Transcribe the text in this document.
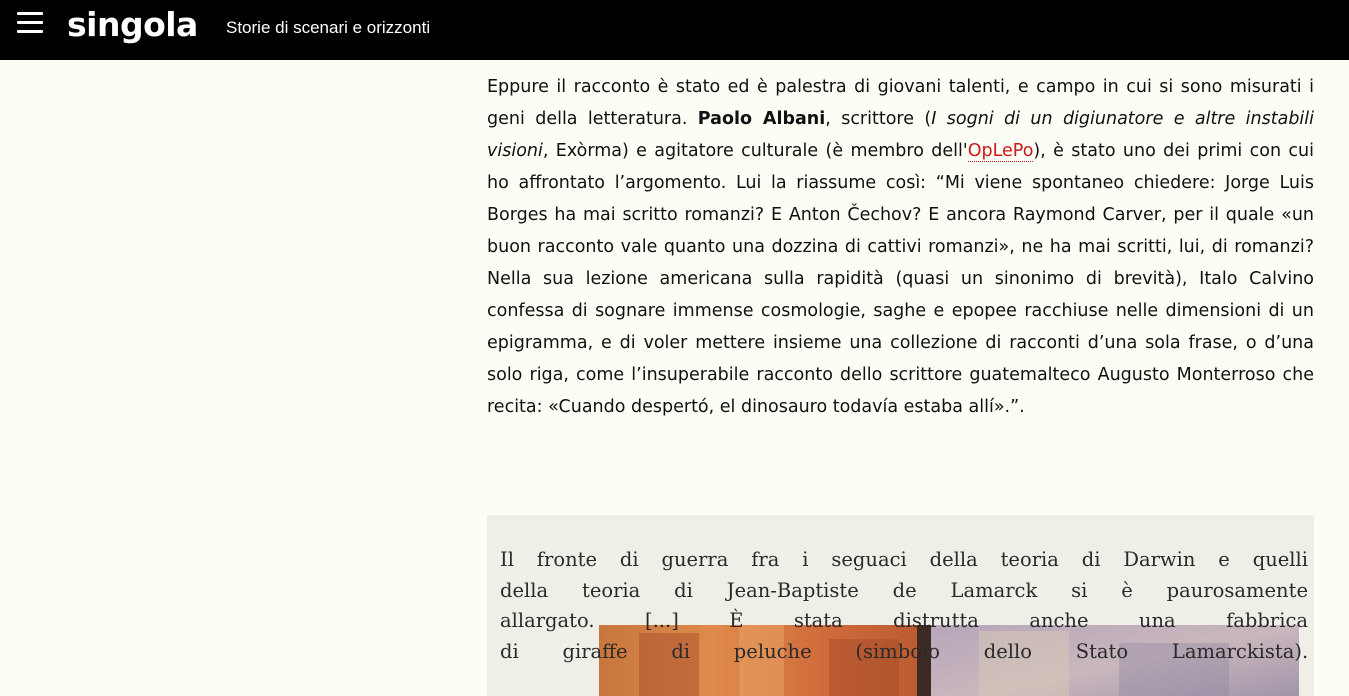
singola Storie di scenari e orizzonti

Eppure il racconto è stato ed è palestra di giovani talenti, e campo in cui si sono misurati i geni della letteratura. Paolo Albani, scrittore (I sogni di un digiunatore e altre instabili visioni, Exòrma) e agitatore culturale (è membro dell'OpLePo), è stato uno dei primi con cui ho affrontato l’argomento. Lui la riassume così: “Mi viene spontaneo chiedere: Jorge Luis Borges ha mai scritto romanzi? E Anton Čechov? E ancora Raymond Carver, per il quale «un buon racconto vale quanto una dozzina di cattivi romanzi», ne ha mai scritti, lui, di romanzi? Nella sua lezione americana sulla rapidità (quasi un sinonimo di brevità), Italo Calvino confessa di sognare immense cosmologie, saghe e epopee racchiuse nelle dimensioni di un epigramma, e di voler mettere insieme una collezione di racconti d’una sola frase, o d’una solo riga, come l’insuperabile racconto dello scrittore guatemalteco Augusto Monterroso che recita: «Cuando despertó, el dinosauro todavía estaba allí».”.

Il fronte di guerra fra i seguaci della teoria di Darwin e quelli
della teoria di Jean-Baptiste de Lamarck si è paurosamente
allargato. [...] È stata distrutta anche una fabbrica
di giraffe di peluche (simbolo dello Stato Lamarckista).
